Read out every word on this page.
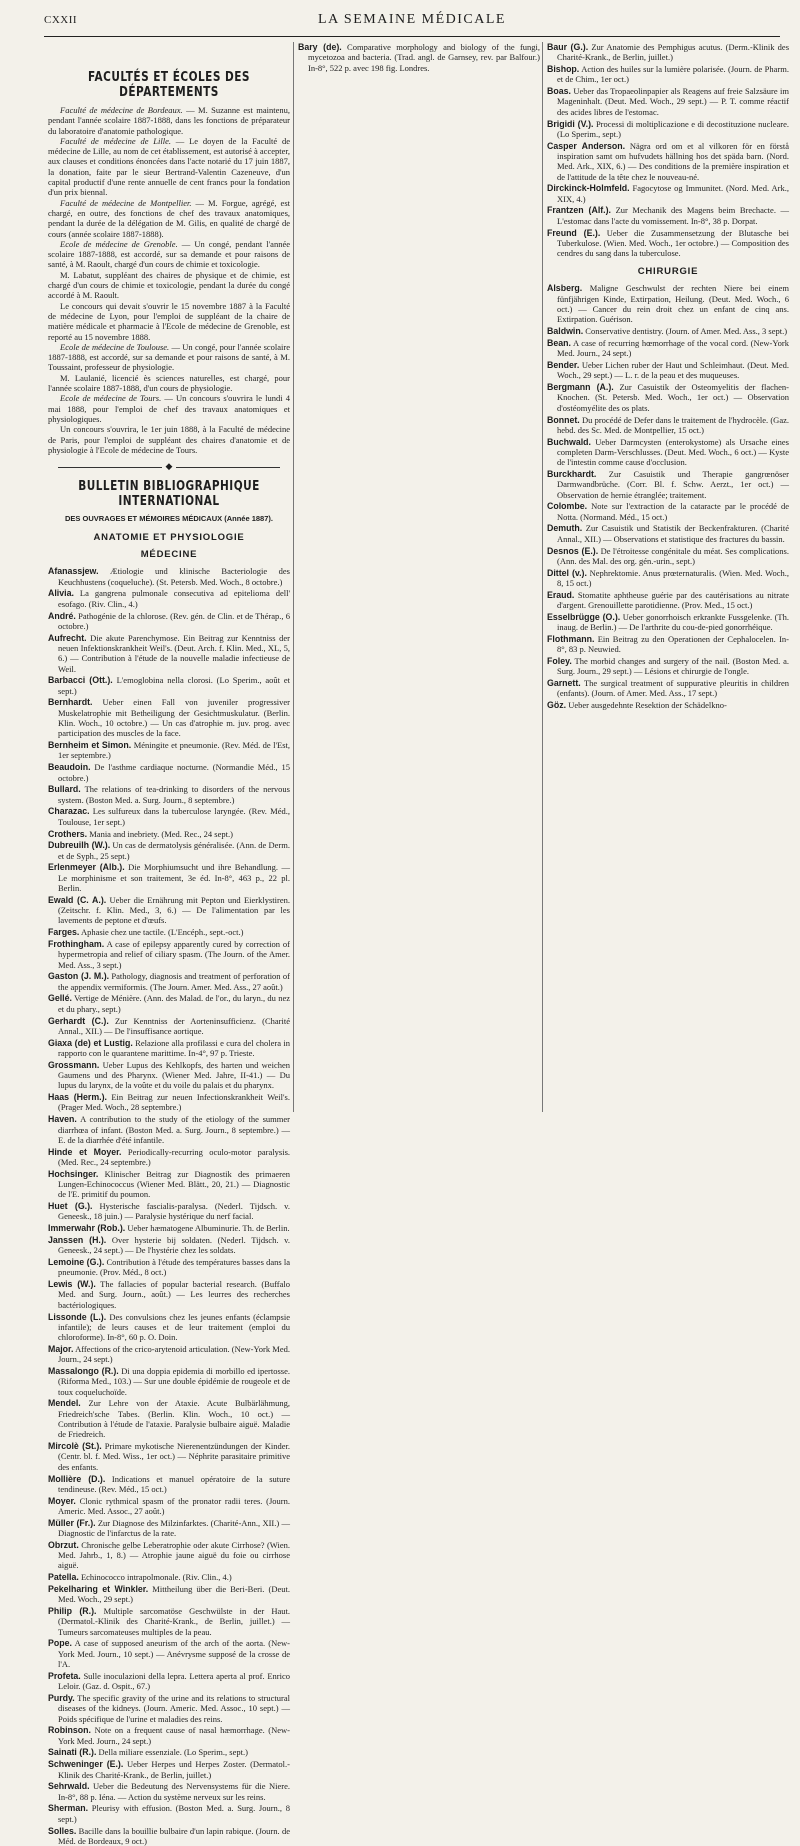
CXXII	LA SEMAINE MÉDICALE
FACULTÉS ET ÉCOLES DES DÉPARTEMENTS

Faculté de médecine de Bordeaux. — M. Suzanne est maintenu, pendant l'année scolaire 1887-1888, dans les fonctions de préparateur du laboratoire d'anatomie pathologique.

Faculté de médecine de Lille. — Le doyen de la Faculté de médecine de Lille, au nom de cet établissement, est autorisé à accepter, aux clauses et conditions énoncées dans l'acte notarié du 17 juin 1887, la donation, faite par le sieur Bertrand-Valentin Cazeneuve, d'un capital productif d'une rente annuelle de cent francs pour la fondation d'un prix biennal.

Faculté de médecine de Montpellier. — M. Forgue, agrégé, est chargé, en outre, des fonctions de chef des travaux anatomiques, pendant la durée de la délégation de M. Gilis, en qualité de chargé de cours (année scolaire 1887-1888).

Ecole de médecine de Grenoble. — Un congé, pendant l'année scolaire 1887-1888, est accordé, sur sa demande et pour raisons de santé, à M. Raoult, chargé d'un cours de chimie et toxicologie.

M. Labatut, suppléant des chaires de physique et de chimie, est chargé d'un cours de chimie et toxicologie, pendant la durée du congé accordé à M. Raoult.

Le concours qui devait s'ouvrir le 15 novembre 1887 à la Faculté de médecine de Lyon, pour l'emploi de suppléant de la chaire de matière médicale et pharmacie à l'Ecole de médecine de Grenoble, est reporté au 15 novembre 1888.

Ecole de médecine de Toulouse. — Un congé, pour l'année scolaire 1887-1888, est accordé, sur sa demande et pour raisons de santé, à M. Toussaint, professeur de physiologie.

M. Laulanié, licencié ès sciences naturelles, est chargé, pour l'année scolaire 1887-1888, d'un cours de physiologie.

Ecole de médecine de Tours. — Un concours s'ouvrira le lundi 4 mai 1888, pour l'emploi de chef des travaux anatomiques et physiologiques.

Un concours s'ouvrira, le 1er juin 1888, à la Faculté de médecine de Paris, pour l'emploi de suppléant des chaires d'anatomie et de physiologie à l'Ecole de médecine de Tours.

◆
BULLETIN BIBLIOGRAPHIQUE INTERNATIONAL
DES OUVRAGES ET MÉMOIRES MÉDICAUX (Année 1887).
ANATOMIE ET PHYSIOLOGIE
MÉDECINE

Afanassjew. Ætiologie und klinische Bacteriologie des Keuchhustens (coqueluche). (St. Petersb. Med. Woch., 8 octobre.)

Alivia. La gangrena pulmonale consecutiva ad epitelioma dell' esofago. (Riv. Clin., 4.)

André. Pathogénie de la chlorose. (Rev. gén. de Clin. et de Thérap., 6 octobre.)

Aufrecht. Die akute Parenchymose. Ein Beitrag zur Kenntniss der neuen Infektionskrankheit Weil's. (Deut. Arch. f. Klin. Med., XL, 5, 6.) — Contribution à l'étude de la nouvelle maladie infectieuse de Weil.

Barbacci (Ott.). L'emoglobina nella clorosi. (Lo Sperim., août et sept.)

Bernhardt. Ueber einen Fall von juveniler progressiver Muskelatrophie mit Betheiligung der Gesichtmuskulatur. (Berlin. Klin. Woch., 10 octobre.) — Un cas d'atrophie m. juv. prog. avec participation des muscles de la face.

Bernheim et Simon. Méningite et pneumonie. (Rev. Méd. de l'Est, 1er septembre.)

Beaudoin. De l'asthme cardiaque nocturne. (Normandie Méd., 15 octobre.)

Bullard. The relations of tea-drinking to disorders of the nervous system. (Boston Med. a. Surg. Journ., 8 septembre.)

Charazac. Les sulfureux dans la tuberculose laryngée. (Rev. Méd., Toulouse, 1er sept.)

Crothers. Mania and inebriety. (Med. Rec., 24 sept.)

Dubreuilh (W.). Un cas de dermatolysis généralisée. (Ann. de Derm. et de Syph., 25 sept.)

Erlenmeyer (Alb.). Die Morphiumsucht und ihre Behandlung. — Le morphinisme et son traitement, 3e éd. In-8°, 463 p., 22 pl. Berlin.

Ewald (C. A.). Ueber die Ernährung mit Pepton und Eierklystiren. (Zeitschr. f. Klin. Med., 3, 6.) — De l'alimentation par les lavements de peptone et d'œufs.

Farges. Aphasie chez une tactile. (L'Encéph., sept.-oct.)

Frothingham. A case of epilepsy apparently cured by correction of hypermetropia and relief of ciliary spasm. (The Journ. of the Amer. Med. Ass., 3 sept.)

Gaston (J. M.). Pathology, diagnosis and treatment of perforation of the appendix vermiformis. (The Journ. Amer. Med. Ass., 27 août.)

Gellé. Vertige de Ménière. (Ann. des Malad. de l'or., du laryn., du nez et du phary., sept.)

Gerhardt (C.). Zur Kenntniss der Aorteninsufficienz. (Charité Annal., XII.) — De l'insuffisance aortique.

Giaxa (de) et Lustig. Relazione alla profilassi e cura del cholera in rapporto con le quarantene marittime. In-4°, 97 p. Trieste.

Grossmann. Ueber Lupus des Kehlkopfs, des harten und weichen Gaumens und des Pharynx. (Wiener Med. Jahre, II-41.) — Du lupus du larynx, de la voûte et du voile du palais et du pharynx.

Haas (Herm.). Ein Beitrag zur neuen Infectionskrankheit Weil's. (Prager Med. Woch., 28 septembre.)

Haven. A contribution to the study of the etiology of the summer diarrhœa of infant. (Boston Med. a. Surg. Journ., 8 septembre.) — E. de la diarrhée d'été infantile.

Hinde et Moyer. Periodically-recurring oculo-motor paralysis. (Med. Rec., 24 septembre.)

Hochsinger. Klinischer Beitrag zur Diagnostik des primaeren Lungen-Echinococcus (Wiener Med. Blätt., 20, 21.) — Diagnostic de l'E. primitif du poumon.

Huet (G.). Hysterische fascialis-paralysa. (Nederl. Tijdsch. v. Geneesk., 18 juin.) — Paralysie hystérique du nerf facial.

Immerwahr (Rob.). Ueber hæmatogene Albuminurie. Th. de Berlin.

Janssen (H.). Over hysterie bij soldaten. (Nederl. Tijdsch. v. Geneesk., 24 sept.) — De l'hystérie chez les soldats.

Lemoine (G.). Contribution à l'étude des températures basses dans la pneumonie. (Prov. Méd., 8 oct.)

Lewis (W.). The fallacies of popular bacterial research. (Buffalo Med. and Surg. Journ., août.) — Les leurres des recherches bactériologiques.

Lissonde (L.). Des convulsions chez les jeunes enfants (éclampsie infantile); de leurs causes et de leur traitement (emploi du chloroforme). In-8°, 60 p. O. Doin.

Major. Affections of the crico-arytenoid articulation. (New-York Med. Journ., 24 sept.)

Massalongo (R.). Di una doppia epidemia di morbillo ed ipertosse. (Riforma Med., 103.) — Sur une double épidémie de rougeole et de toux coqueluchoïde.

Mendel. Zur Lehre von der Ataxie. Acute Bulbärlähmung, Friedreich'sche Tabes. (Berlin. Klin. Woch., 10 oct.) — Contribution à l'étude de l'ataxie. Paralysie bulbaire aiguë. Maladie de Friedreich.

Mircolè (St.). Primare mykotische Nierenentzündungen der Kinder. (Centr. bl. f. Med. Wiss., 1er oct.) — Néphrite parasitaire primitive des enfants.

Mollière (D.). Indications et manuel opératoire de la suture tendineuse. (Rev. Méd., 15 oct.)

Moyer. Clonic rythmical spasm of the pronator radii teres. (Journ. Americ. Med. Assoc., 27 août.)

Müller (Fr.). Zur Diagnose des Milzinfarktes. (Charité-Ann., XII.) — Diagnostic de l'infarctus de la rate.

Obrzut. Chronische gelbe Leberatrophie oder akute Cirrhose? (Wien. Med. Jahrb., 1, 8.) — Atrophie jaune aiguë du foie ou cirrhose aiguë.

Patella. Echinococco intrapolmonale. (Riv. Clin., 4.)

Pekelharing et Winkler. Mittheilung über die Beri-Beri. (Deut. Med. Woch., 29 sept.)

Philip (R.). Multiple sarcomatöse Geschwülste in der Haut. (Dermatol.-Klinik des Charité-Krank., de Berlin, juillet.) — Tumeurs sarcomateuses multiples de la peau.

Pope. A case of supposed aneurism of the arch of the aorta. (New-York Med. Journ., 10 sept.) — Anévrysme supposé de la crosse de l'A.

Profeta. Sulle inoculazioni della lepra. Lettera aperta al prof. Enrico Leloir. (Gaz. d. Ospit., 67.)

Purdy. The specific gravity of the urine and its relations to structural diseases of the kidneys. (Journ. Americ. Med. Assoc., 10 sept.) — Poids spécifique de l'urine et maladies des reins.

Robinson. Note on a frequent cause of nasal hæmorrhage. (New-York Med. Journ., 24 sept.)

Sainati (R.). Della miliare essenziale. (Lo Sperim., sept.)

Schweninger (E.). Ueber Herpes und Herpes Zoster. (Dermatol.-Klinik des Charité-Krank., de Berlin, juillet.)

Sehrwald. Ueber die Bedeutung des Nervensystems für die Niere. In-8°, 88 p. Iéna. — Action du système nerveux sur les reins.

Sherman. Pleurisy with effusion. (Boston Med. a. Surg. Journ., 8 sept.)

Solles. Bacille dans la bouillie bulbaire d'un lapin rabique. (Journ. de Méd. de Bordeaux, 9 oct.)

Bary (de). Comparative morphology and biology of the fungi, mycetozoa and bacteria. (Trad. angl. de Garnsey, rev. par Balfour.) In-8°, 522 p. avec 198 fig. Londres.

Baur (G.). Zur Anatomie des Pemphigus acutus. (Derm.-Klinik des Charité-Krank., de Berlin, juillet.)

Bishop. Action des huiles sur la lumière polarisée. (Journ. de Pharm. et de Chim., 1er oct.)

Boas. Ueber das Tropaeolinpapier als Reagens auf freie Salzsäure im Mageninhalt. (Deut. Med. Woch., 29 sept.) — P. T. comme réactif des acides libres de l'estomac.

Brigidi (V.). Processi di moltiplicazione e di decostituzione nucleare. (Lo Sperim., sept.)

Casper Anderson. Nägra ord om et al vilkoren för en förstå inspiration samt om hufvudets hällning hos det späda barn. (Nord. Med. Ark., XIX, 6.) — Des conditions de la première inspiration et de l'attitude de la tête chez le nouveau-né.

Dirckinck-Holmfeld. Fagocytose og Immunitet. (Nord. Med. Ark., XIX, 4.)

Frantzen (Alf.). Zur Mechanik des Magens beim Brechacte. — L'estomac dans l'acte du vomissement. In-8°, 38 p. Dorpat.

Freund (E.). Ueber die Zusammensetzung der Blutasche bei Tuberkulose. (Wien. Med. Woch., 1er octobre.) — Composition des cendres du sang dans la tuberculose.

CHIRURGIE

Alsberg. Maligne Geschwulst der rechten Niere bei einem fünfjährigen Kinde, Extirpation, Heilung. (Deut. Med. Woch., 6 oct.) — Cancer du rein droit chez un enfant de cinq ans. Extirpation. Guérison.

Baldwin. Conservative dentistry. (Journ. of Amer. Med. Ass., 3 sept.)

Bean. A case of recurring hœmorrhage of the vocal cord. (New-York Med. Journ., 24 sept.)

Bender. Ueber Lichen ruber der Haut und Schleimhaut. (Deut. Med. Woch., 29 sept.) — L. r. de la peau et des muqueuses.

Bergmann (A.). Zur Casuistik der Osteomyelitis der flachen-Knochen. (St. Petersb. Med. Woch., 1er oct.) — Observation d'ostéomyélite des os plats.

Bonnet. Du procédé de Defer dans le traitement de l'hydrocèle. (Gaz. hebd. des Sc. Med. de Montpellier, 15 oct.)

Buchwald. Ueber Darmcysten (enterokystome) als Ursache eines completen Darm-Verschlusses. (Deut. Med. Woch., 6 oct.) — Kyste de l'intestin comme cause d'occlusion.

Burckhardt. Zur Casuistik und Therapie gangrœnöser Darmwandbrüche. (Corr. Bl. f. Schw. Aerzt., 1er oct.) — Observation de hernie étranglée; traitement.

Colombe. Note sur l'extraction de la cataracte par le procédé de Notta. (Normand. Méd., 15 oct.)

Demuth. Zur Casuistik und Statistik der Beckenfrakturen. (Charité Annal., XII.) — Observations et statistique des fractures du bassin.

Desnos (E.). De l'étroitesse congénitale du méat. Ses complications. (Ann. des Mal. des org. gén.-urin., sept.)

Dittel (v.). Nephrektomie. Anus prœternaturalis. (Wien. Med. Woch., 8, 15 oct.)

Eraud. Stomatite aphtheuse guérie par des cautérisations au nitrate d'argent. Grenouillette parotidienne. (Prov. Med., 15 oct.)

Esselbrügge (O.). Ueber gonorrhoisch erkrankte Fussgelenke. (Th. inaug. de Berlin.) — De l'arthrite du cou-de-pied gonorrhéique.

Flothmann. Ein Beitrag zu den Operationen der Cephalocelen. In-8°, 83 p. Neuwied.

Foley. The morbid changes and surgery of the nail. (Boston Med. a. Surg. Journ., 29 sept.) — Lésions et chirurgie de l'ongle.

Garnett. The surgical treatment of suppurative pleuritis in children (enfants). (Journ. of Amer. Med. Ass., 17 sept.)

Göz. Ueber ausgedehnte Resektion der Schädelkno-
